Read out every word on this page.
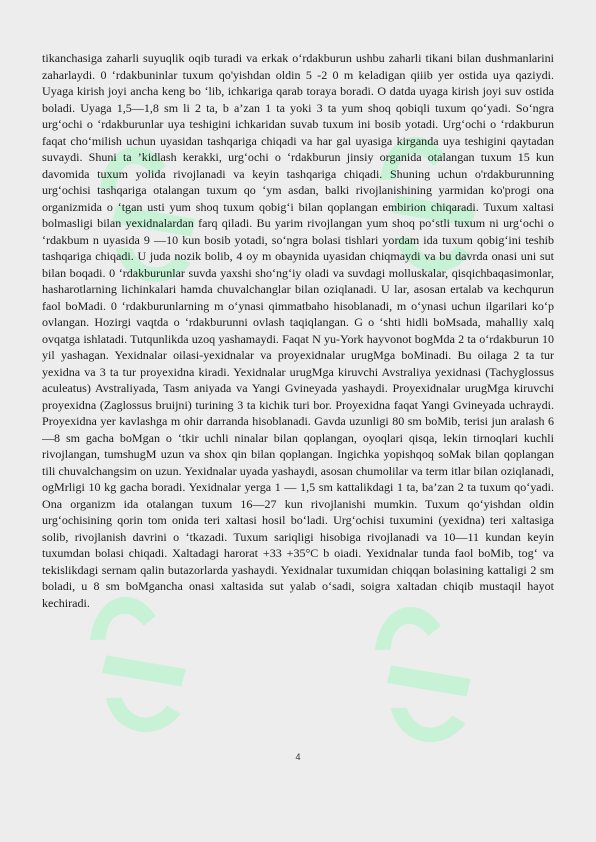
tikanchasiga zaharli suyuqlik oqib turadi va erkak o‘rdakburun ushbu zaharli tikani bilan dushmanlarini zaharlaydi. 0 ‘rdakbuninlar tuxum qo'yishdan oldin 5 -2 0 m keladigan qiiib yer ostida uya qaziydi. Uyaga kirish joyi ancha keng bo ‘lib, ichkariga qarab toraya boradi. O datda uyaga kirish joyi suv ostida boladi. Uyaga 1,5—1,8 sm li 2 ta, b a’zan 1 ta yoki 3 ta yum shoq qobiqli tuxum qo‘yadi. So‘ngra urg‘ochi o ‘rdakburunlar uya teshigini ichkaridan suvab tuxum ini bosib yotadi. Urg‘ochi o ‘rdakburun faqat cho‘milish uchun uyasidan tashqariga chiqadi va har gal uyasiga kirganda uya teshigini qaytadan suvaydi. Shuni ta ’kidlash kerakki, urg‘ochi o ‘rdakburun jinsiy organida otalangan tuxum 15 kun davomida tuxum yolida rivojlanadi va keyin tashqariga chiqadi. Shuning uchun o'rdakburunning urg‘ochisi tashqariga otalangan tuxum qo ‘ym asdan, balki rivojlanishining yarmidan ko'progi ona organizmida o ‘tgan usti yum shoq tuxum qobig‘i bilan qoplangan embirion chiqaradi. Tuxum xaltasi bolmasligi bilan yexidnalardan farq qiladi. Bu yarim rivojlangan yum shoq po‘stli tuxum ni urg‘ochi o ‘rdakbum n uyasida 9 —10 kun bosib yotadi, so‘ngra bolasi tishlari yordam ida tuxum qobig‘ini teshib tashqariga chiqadi. U juda nozik bolib, 4 oy m obaynida uyasidan chiqmaydi va bu davrda onasi uni sut bilan boqadi. 0 ‘rdakburunlar suvda yaxshi sho‘ng‘iy oladi va suvdagi molluskalar, qisqichbaqasimonlar, hasharotlarning lichinkalari hamda chuvalchanglar bilan oziqlanadi. U lar, asosan ertalab va kechqurun faol boMadi. 0 ‘rdakburunlarning m o‘ynasi qimmatbaho hisoblanadi, m o‘ynasi uchun ilgarilari ko‘p ovlangan. Hozirgi vaqtda o ‘rdakburunni ovlash taqiqlangan. G o ‘shti hidli boMsada, mahalliy xalq ovqatga ishlatadi. Tutqunlikda uzoq yashamaydi. Faqat N yu-York hayvonot bogMda 2 ta o‘rdakburun 10 yil yashagan. Yexidnalar oilasi-yexidnalar va proyexidnalar urugMga boMinadi. Bu oilaga 2 ta tur yexidna va 3 ta tur proyexidna kiradi. Yexidnalar urugMga kiruvchi Avstraliya yexidnasi (Tachyglossus aculeatus) Avstraliyada, Tasm aniyada va Yangi Gvineyada yashaydi. Proyexidnalar urugMga kiruvchi proyexidna (Zaglossus bruijni) turining 3 ta kichik turi bor. Proyexidna faqat Yangi Gvineyada uchraydi. Proyexidna yer kavlashga m ohir darranda hisoblanadi. Gavda uzunligi 80 sm boMib, terisi jun aralash 6—8 sm gacha boMgan o ‘tkir uchli ninalar bilan qoplangan, oyoqlari qisqa, lekin tirnoqlari kuchli rivojlangan, tumshugM uzun va shox qin bilan qoplangan. Ingichka yopishqoq soMak bilan qoplangan tili chuvalchangsim on uzun. Yexidnalar uyada yashaydi, asosan chumolilar va term itlar bilan oziqlanadi, ogMrligi 10 kg gacha boradi. Yexidnalar yerga 1 — 1,5 sm kattalikdagi 1 ta, ba’zan 2 ta tuxum qo‘yadi. Ona organizm ida otalangan tuxum 16—27 kun rivojlanishi mumkin. Tuxum qo‘yishdan oldin urg‘ochisining qorin tom onida teri xaltasi hosil bo‘ladi. Urg‘ochisi tuxumini (yexidna) teri xaltasiga solib, rivojlanish davrini o ‘tkazadi. Tuxum sariqligi hisobiga rivojlanadi va 10—11 kundan keyin tuxumdan bolasi chiqadi. Xaltadagi harorat +33 +35°C b oiadi. Yexidnalar tunda faol boMib, tog‘ va tekislikdagi sernam qalin butazorlarda yashaydi. Yexidnalar tuxumidan chiqqan bolasining kattaligi 2 sm boladi, u 8 sm boMgancha onasi xaltasida sut yalab o‘sadi, soigra xaltadan chiqib mustaqil hayot kechiradi.

4
